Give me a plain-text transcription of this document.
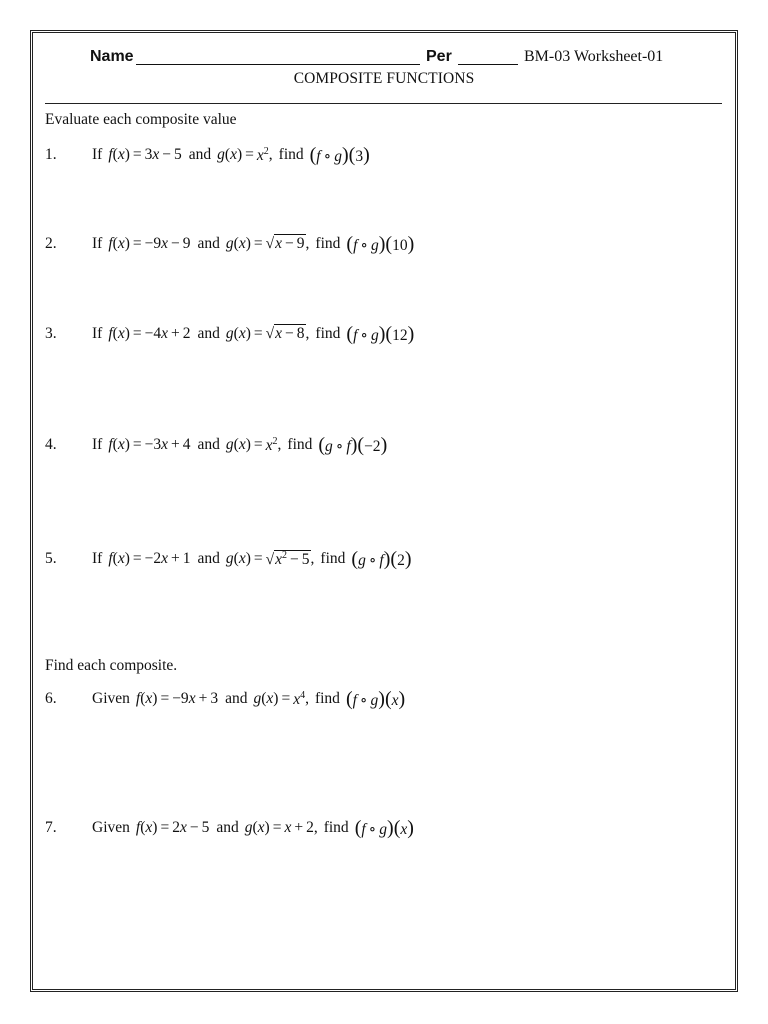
Name	Per	BM-03 Worksheet-01
COMPOSITE FUNCTIONS
Evaluate each composite value
1. If f ( x ) = 3x − 5 and g ( x ) = $x^2$ , find (f ∘ g)(3)
2. If f ( x ) = −9x − 9 and g ( x ) = √x − 9 , find (f ∘ g)(10)
3. If f ( x ) = −4x + 2 and g ( x ) = √x − 8 , find (f ∘ g)(12)
4. If f ( x ) = −3x + 4 and g ( x ) = $x^2$ , find (g ∘ f)(−2)
5. If f ( x ) = −2x + 1 and g ( x ) = $√x^2 - 5$ , find (g ∘ f)(2)
Find each composite.
6. Given f ( x ) = −9x + 3 and g ( x ) = $x^4$ , find (f ∘ g)(x)
7. Given f ( x ) = 2x − 5 and g ( x ) = x + 2 , find (f ∘ g)(x)
